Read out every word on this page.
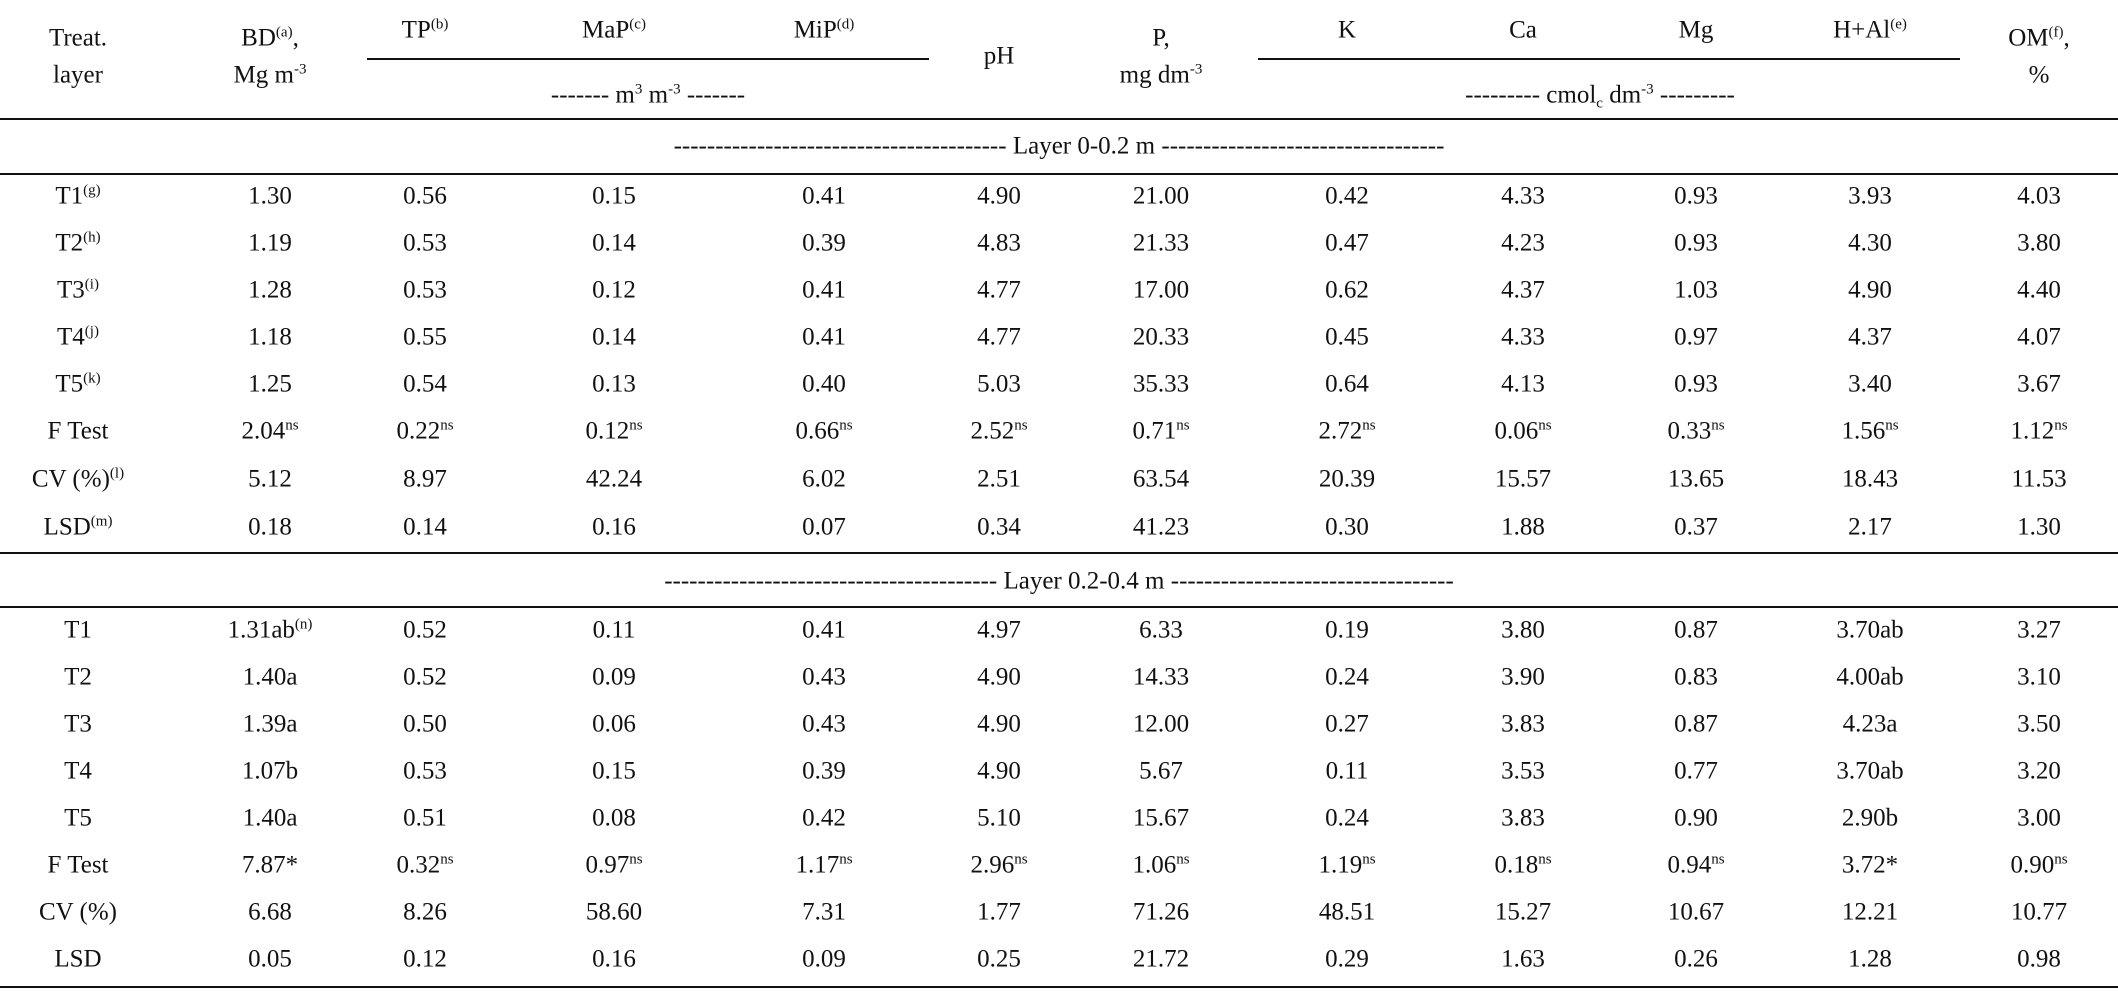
Treat.
layer
BD$^{(a)}$,
Mg $m^{-3}$
TP$^{(b)}$	MaP$^{(c)}$	MiP$^{(d)}$
------- $m^3$ $m^{-3}$ -------
pH
P,
mg $dm^{-3}$
K	Ca	Mg	$H+Al^{(e)}$
--------- cmol$_c$ $dm^{-3}$ ---------
OM$^{(f)}$,
%
---------------------------------------- Layer 0-0.2 m ----------------------------------
T1$^{(g)}$	1.30	0.56	0.15	0.41	4.90	21.00	0.42	4.33	0.93	3.93	4.03
T2$^{(h)}$	1.19	0.53	0.14	0.39	4.83	21.33	0.47	4.23	0.93	4.30	3.80
T3$^{(i)}$	1.28	0.53	0.12	0.41	4.77	17.00	0.62	4.37	1.03	4.90	4.40
T4$^{(j)}$	1.18	0.55	0.14	0.41	4.77	20.33	0.45	4.33	0.97	4.37	4.07
T5$^{(k)}$	1.25	0.54	0.13	0.40	5.03	35.33	0.64	4.13	0.93	3.40	3.67
F Test	$2.04^{ns}$	$0.22^{ns}$	$0.12^{ns}$	$0.66^{ns}$	$2.52^{ns}$	$0.71^{ns}$	$2.72^{ns}$	$0.06^{ns}$	$0.33^{ns}$	$1.56^{ns}$	$1.12^{ns}$
CV (%)$^{(l)}$	5.12	8.97	42.24	6.02	2.51	63.54	20.39	15.57	13.65	18.43	11.53
LSD$^{(m)}$	0.18	0.14	0.16	0.07	0.34	41.23	0.30	1.88	0.37	2.17	1.30
---------------------------------------- Layer 0.2-0.4 m ----------------------------------
T1	$1.31ab^{(n)}$	0.52	0.11	0.41	4.97	6.33	0.19	3.80	0.87	3.70ab	3.27
T2	1.40a	0.52	0.09	0.43	4.90	14.33	0.24	3.90	0.83	4.00ab	3.10
T3	1.39a	0.50	0.06	0.43	4.90	12.00	0.27	3.83	0.87	4.23a	3.50
T4	1.07b	0.53	0.15	0.39	4.90	5.67	0.11	3.53	0.77	3.70ab	3.20
T5	1.40a	0.51	0.08	0.42	5.10	15.67	0.24	3.83	0.90	2.90b	3.00
F Test	7.87*	$0.32^{ns}$	$0.97^{ns}$	$1.17^{ns}$	$2.96^{ns}$	$1.06^{ns}$	$1.19^{ns}$	$0.18^{ns}$	$0.94^{ns}$	3.72*	$0.90^{ns}$
CV (%)	6.68	8.26	58.60	7.31	1.77	71.26	48.51	15.27	10.67	12.21	10.77
LSD	0.05	0.12	0.16	0.09	0.25	21.72	0.29	1.63	0.26	1.28	0.98
